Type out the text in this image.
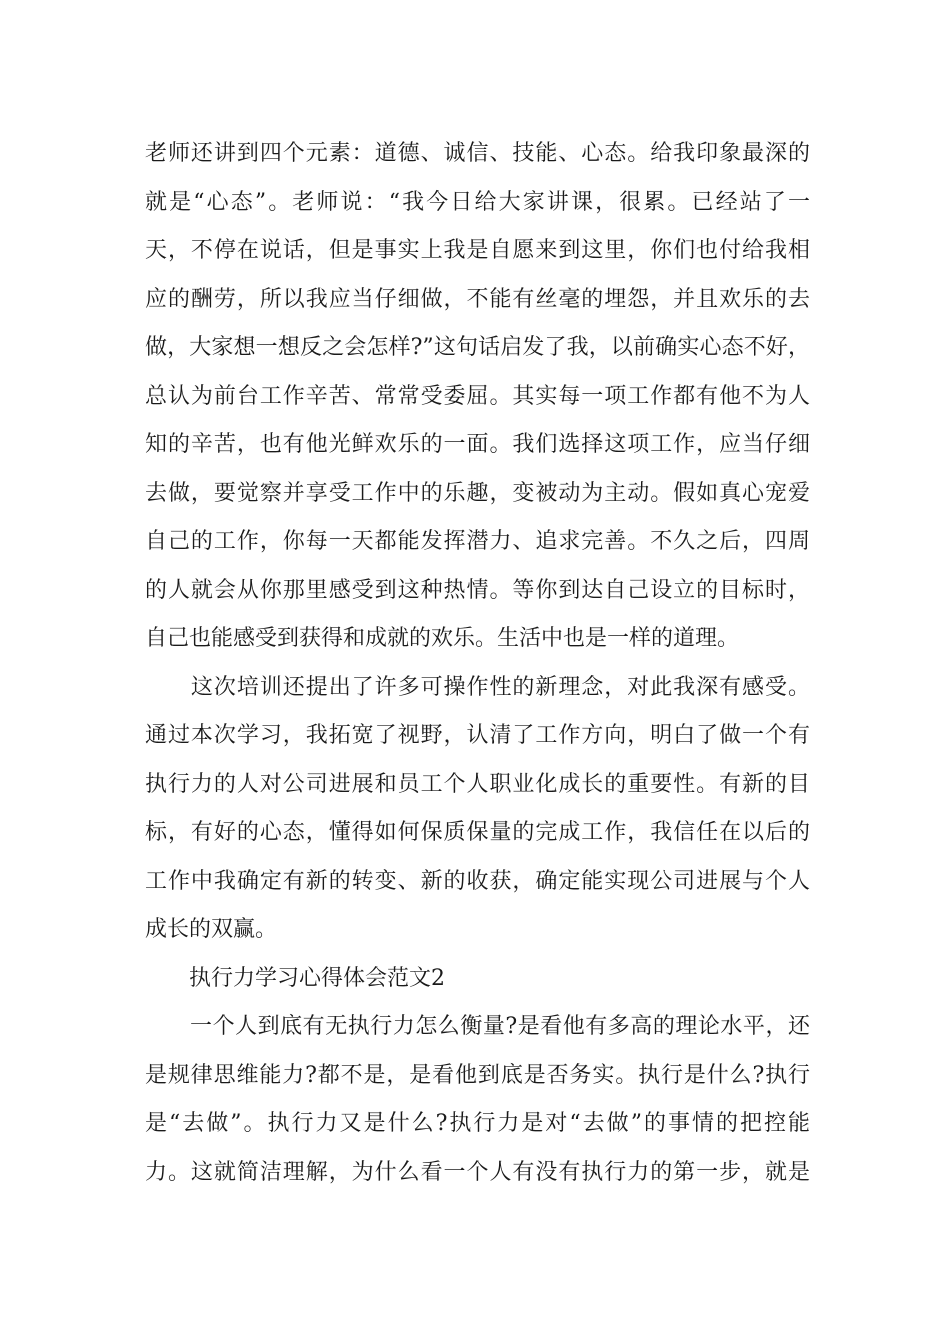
老师还讲到四个元素：道德、诚信、技能、心态。给我印象最深的
就是“心态”。老师说：“我今日给大家讲课，很累。已经站了一
天，不停在说话，但是事实上我是自愿来到这里，你们也付给我相
应的酬劳，所以我应当仔细做，不能有丝毫的埋怨，并且欢乐的去
做，大家想一想反之会怎样?”这句话启发了我，以前确实心态不好，
总认为前台工作辛苦、常常受委屈。其实每一项工作都有他不为人
知的辛苦，也有他光鲜欢乐的一面。我们选择这项工作，应当仔细
去做，要觉察并享受工作中的乐趣，变被动为主动。假如真心宠爱
自己的工作，你每一天都能发挥潜力、追求完善。不久之后，四周
的人就会从你那里感受到这种热情。等你到达自己设立的目标时，
自己也能感受到获得和成就的欢乐。生活中也是一样的道理。
　　这次培训还提出了许多可操作性的新理念，对此我深有感受。
通过本次学习，我拓宽了视野，认清了工作方向，明白了做一个有
执行力的人对公司进展和员工个人职业化成长的重要性。有新的目
标，有好的心态，懂得如何保质保量的完成工作，我信任在以后的
工作中我确定有新的转变、新的收获，确定能实现公司进展与个人
成长的双赢。
　　执行力学习心得体会范文2
　　一个人到底有无执行力怎么衡量?是看他有多高的理论水平，还
是规律思维能力?都不是，是看他到底是否务实。执行是什么?执行
是“去做”。执行力又是什么?执行力是对“去做”的事情的把控能
力。这就简洁理解，为什么看一个人有没有执行力的第一步，就是
